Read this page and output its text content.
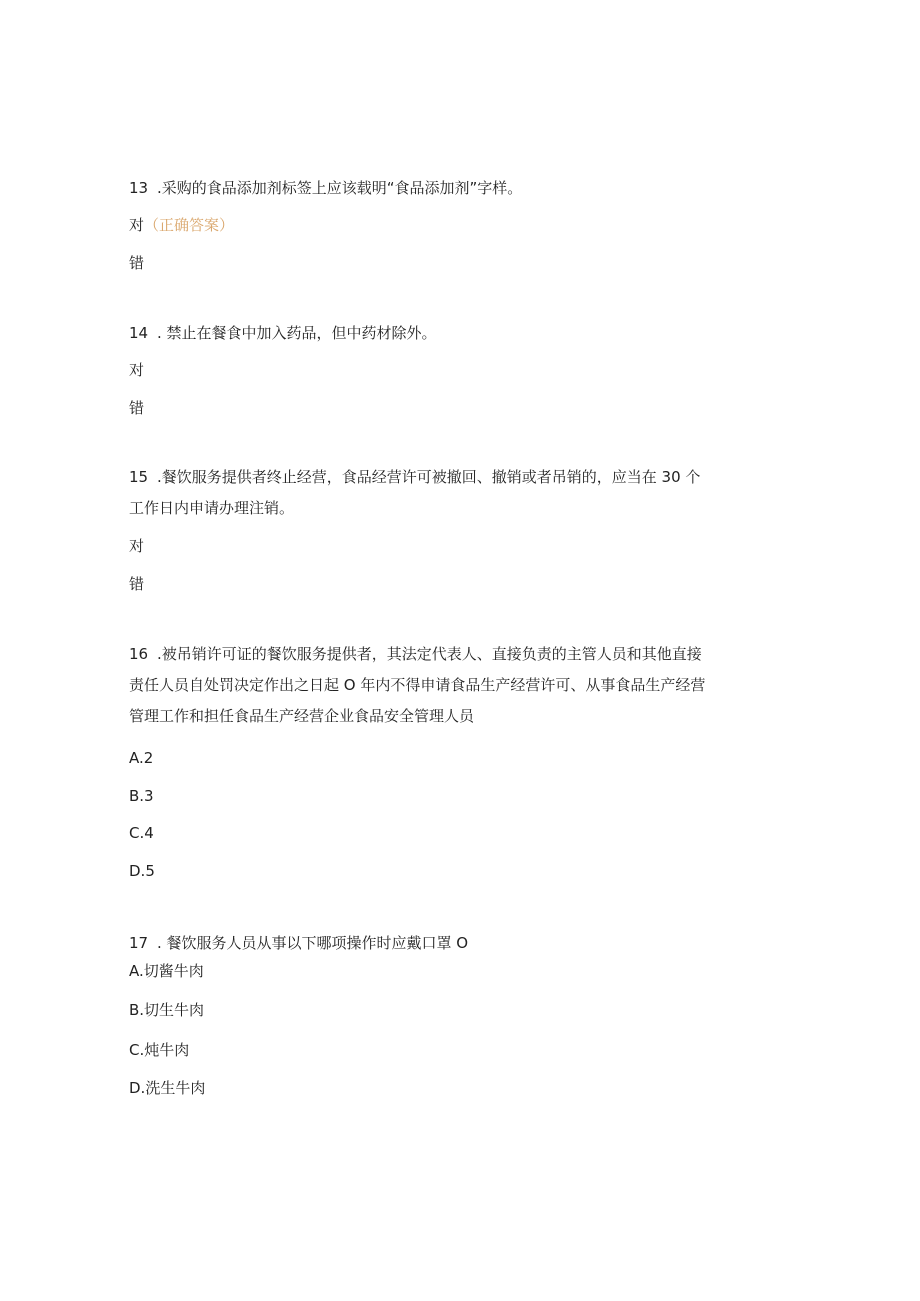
13 .采购的食品添加剂标签上应该载明“食品添加剂”字样。
对（正确答案）
错
14 . 禁止在餐食中加入药品，但中药材除外。
对
错
15 .餐饮服务提供者终止经营，食品经营许可被撤回、撤销或者吊销的，应当在 30 个
工作日内申请办理注销。
对
错
16 .被吊销许可证的餐饮服务提供者，其法定代表人、直接负责的主管人员和其他直接
责任人员自处罚决定作出之日起 O 年内不得申请食品生产经营许可、从事食品生产经营
管理工作和担任食品生产经营企业食品安全管理人员
A.2
B.3
C.4
D.5
17 . 餐饮服务人员从事以下哪项操作时应戴口罩 O
A.切酱牛肉
B.切生牛肉
C.炖牛肉
D.洗生牛肉
